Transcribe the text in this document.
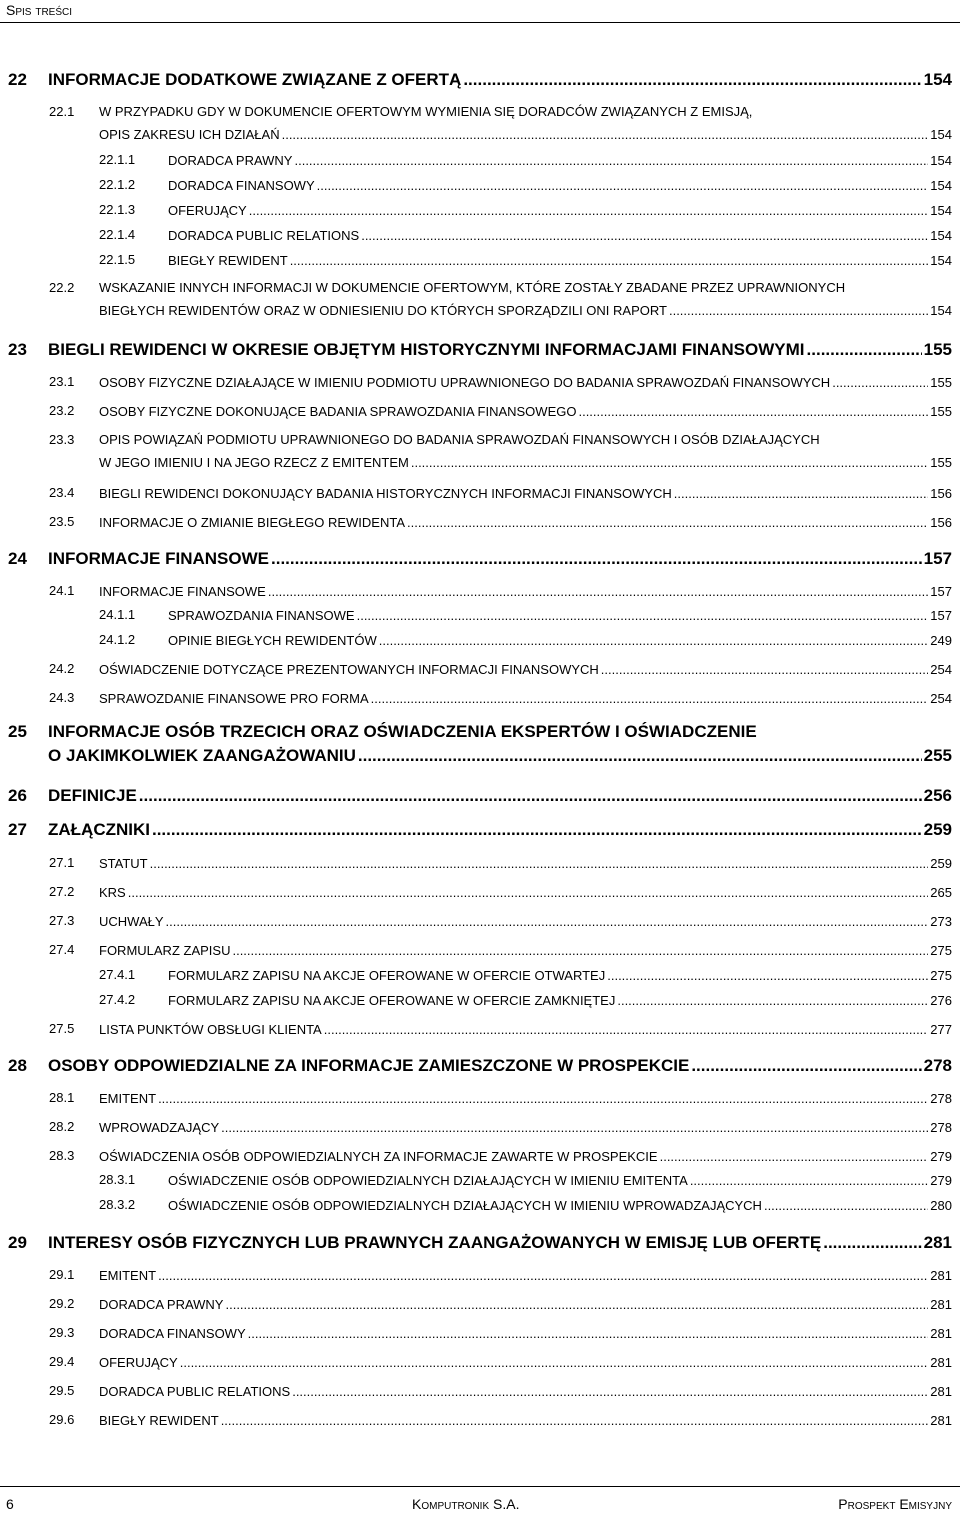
Spis treści
22 INFORMACJE DODATKOWE ZWIĄZANE Z OFERTĄ .....	154
W PRZYPADKU GDY W DOKUMENCIE OFERTOWYM WYMIENIA SIĘ DORADCÓW ZWIĄZANYCH Z EMISJĄ,
22.1
OPIS ZAKRESU ICH DZIAŁAŃ .....	154
22.1.1	DORADCA PRAWNY .....	154
22.1.2	DORADCA FINANSOWY .....	154
22.1.3	OFERUJĄCY .....	154
22.1.4	DORADCA PUBLIC RELATIONS .....	154
22.1.5	BIEGŁY REWIDENT .....	154
WSKAZANIE INNYCH INFORMACJI W DOKUMENCIE OFERTOWYM, KTÓRE ZOSTAŁY ZBADANE PRZEZ UPRAWNIONYCH
22.2
BIEGŁYCH REWIDENTÓW ORAZ W ODNIESIENIU DO KTÓRYCH SPORZĄDZILI ONI RAPORT .....	154
23 BIEGLI REWIDENCI W OKRESIE OBJĘTYM HISTORYCZNYMI INFORMACJAMI FINANSOWYMI .....	155
23.1 OSOBY FIZYCZNE DZIAŁAJĄCE W IMIENIU PODMIOTU UPRAWNIONEGO DO BADANIA SPRAWOZDAŃ FINANSOWYCH .....	155
23.2 OSOBY FIZYCZNE DOKONUJĄCE BADANIA SPRAWOZDANIA FINANSOWEGO .....	155
OPIS POWIĄZAŃ PODMIOTU UPRAWNIONEGO DO BADANIA SPRAWOZDAŃ FINANSOWYCH I OSÓB DZIAŁAJĄCYCH
23.3
W JEGO IMIENIU I NA JEGO RZECZ Z EMITENTEM .....	155
23.4 BIEGLI REWIDENCI DOKONUJĄCY BADANIA HISTORYCZNYCH INFORMACJI FINANSOWYCH .....	156
23.5 INFORMACJE O ZMIANIE BIEGŁEGO REWIDENTA .....	156
24 INFORMACJE FINANSOWE .....	157
24.1 INFORMACJE FINANSOWE .....	157
24.1.1	SPRAWOZDANIA FINANSOWE .....	157
24.1.2	OPINIE BIEGŁYCH REWIDENTÓW .....	249
24.2 OŚWIADCZENIE DOTYCZĄCE PREZENTOWANYCH INFORMACJI FINANSOWYCH .....	254
24.3 SPRAWOZDANIE FINANSOWE PRO FORMA .....	254
INFORMACJE OSÓB TRZECICH ORAZ OŚWIADCZENIA EKSPERTÓW I OŚWIADCZENIE
25
O JAKIMKOLWIEK ZAANGAŻOWANIU .....	255
26 DEFINICJE .....	256
27 ZAŁĄCZNIKI .....	259
27.1 STATUT .....	259
27.2 KRS .....	265
27.3 UCHWAŁY .....	273
27.4 FORMULARZ ZAPISU .....	275
27.4.1	FORMULARZ ZAPISU NA AKCJE OFEROWANE W OFERCIE OTWARTEJ .....	275
27.4.2	FORMULARZ ZAPISU NA AKCJE OFEROWANE W OFERCIE ZAMKNIĘTEJ .....	276
27.5 LISTA PUNKTÓW OBSŁUGI KLIENTA .....	277
28 OSOBY ODPOWIEDZIALNE ZA INFORMACJE ZAMIESZCZONE W PROSPEKCIE .....	278
28.1 EMITENT .....	278
28.2 WPROWADZAJĄCY .....	278
28.3 OŚWIADCZENIA OSÓB ODPOWIEDZIALNYCH ZA INFORMACJE ZAWARTE W PROSPEKCIE .....	279
28.3.1	OŚWIADCZENIE OSÓB ODPOWIEDZIALNYCH DZIAŁAJĄCYCH W IMIENIU EMITENTA .....	279
28.3.2	OŚWIADCZENIE OSÓB ODPOWIEDZIALNYCH DZIAŁAJĄCYCH W IMIENIU WPROWADZAJĄCYCH .....	280
29 INTERESY OSÓB FIZYCZNYCH LUB PRAWNYCH ZAANGAŻOWANYCH W EMISJĘ LUB OFERTĘ .....	281
29.1 EMITENT .....	281
29.2 DORADCA PRAWNY .....	281
29.3 DORADCA FINANSOWY .....	281
29.4 OFERUJĄCY .....	281
29.5 DORADCA PUBLIC RELATIONS .....	281
29.6 BIEGŁY REWIDENT .....	281
6	Komputronik S.A.	Prospekt Emisyjny
